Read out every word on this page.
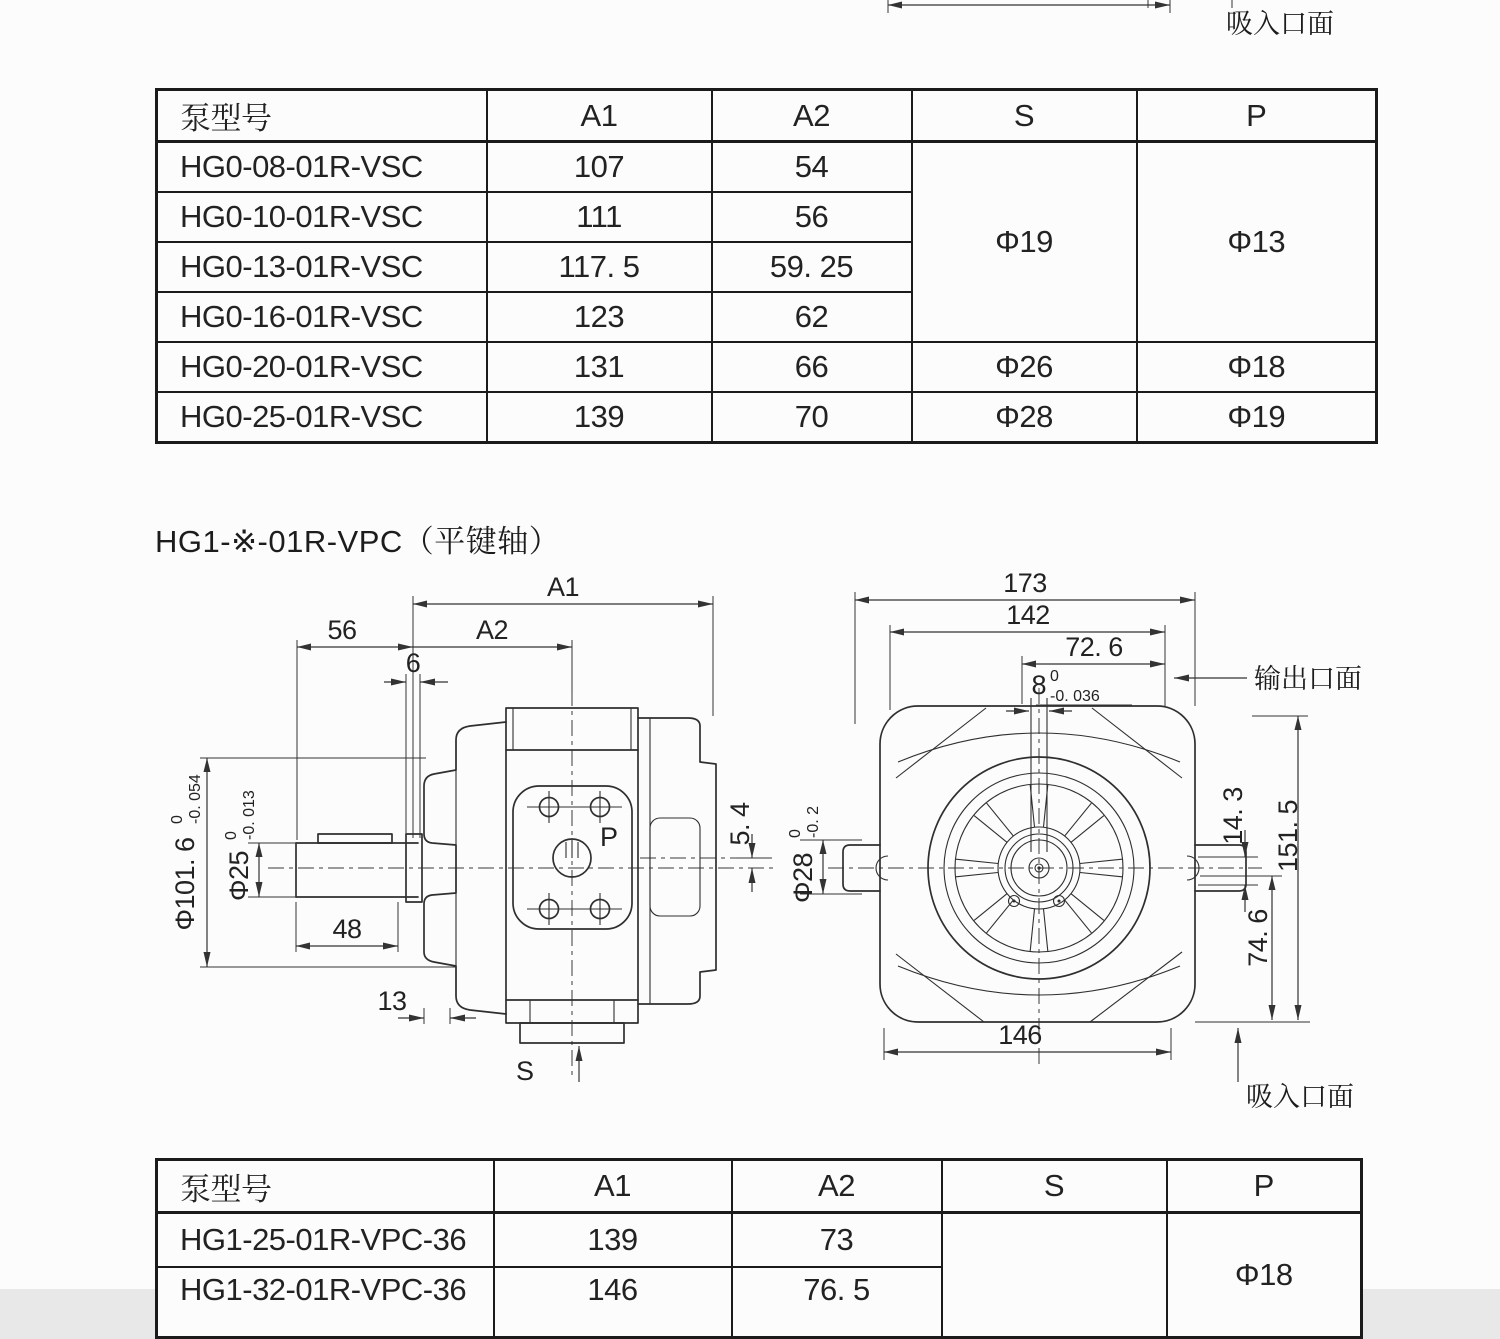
吸入口面
泵型号	A1	A2	S	P
HG0-08-01R-VSC	107	54	Φ19	Φ13
HG0-10-01R-VSC	111	56		
HG0-13-01R-VSC	117. 5	59. 25		
HG0-16-01R-VSC	123	62		
HG0-20-01R-VSC	131	66	Φ26	Φ18
HG0-25-01R-VSC	139	70	Φ28	Φ19
HG1-※-01R-VPC（平键轴）
A1
56	A2
6
Φ101. 6
0 -0. 054
Φ25
0 -0. 013
48
13
5. 4
P
S
173
142
72. 6
8 0
-0. 036
输出口面
Φ28
0 -0. 2	14. 3 151. 5
74. 6
146
吸入口面
泵型号	A1	A2	S	P
HG1-25-01R-VPC-36	139	73		Φ18
HG1-32-01R-VPC-36	146	76. 5		
